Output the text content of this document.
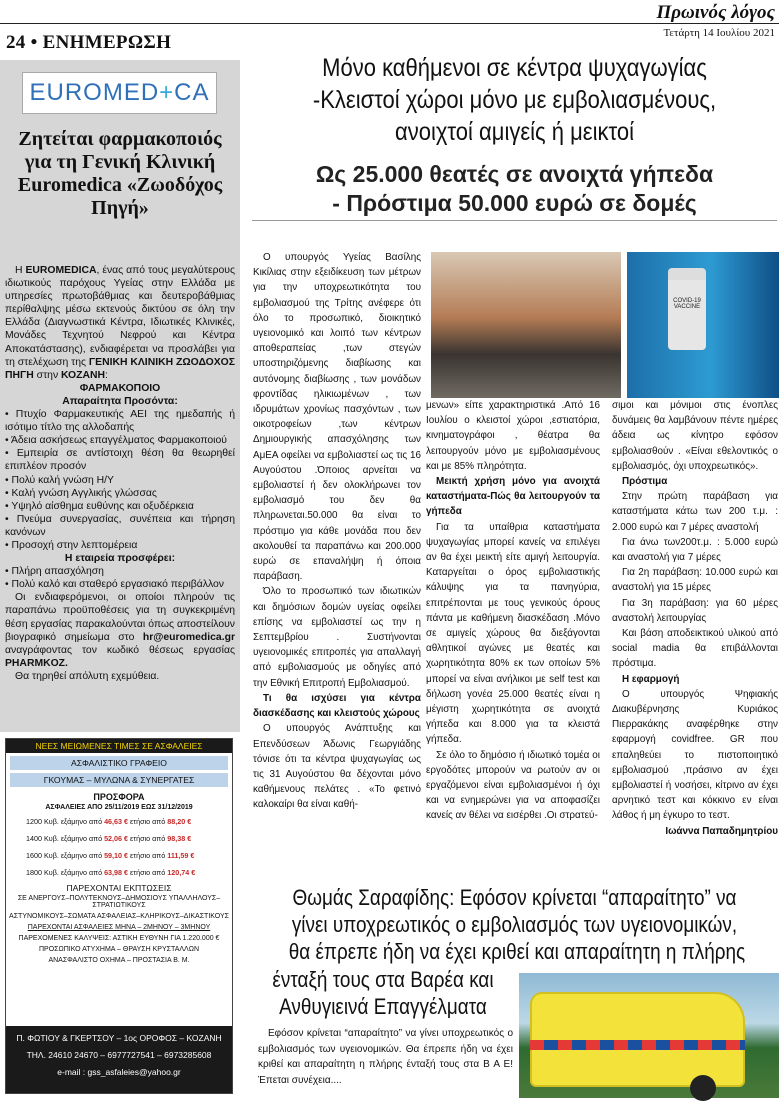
Πρωινός λόγος
Τετάρτη 14 Ιουλίου 2021
24 • ΕΝΗΜΕΡΩΣΗ
EUROMED+CA
Ζητείται φαρμακοποιός για τη Γενική Κλινική Euromedica «Ζωοδόχος Πηγή»

Η EUROMEDICA, ένας από τους μεγαλύτερους ιδιωτικούς παρόχους Υγείας στην Ελλάδα με υπηρεσίες πρωτοβάθμιας και δευτεροβάθμιας περίθαλψης μέσω εκτενούς δικτύου σε όλη την Ελλάδα (Διαγνωστικά Κέντρα, Ιδιωτικές Κλινικές, Μονάδες Τεχνητού Νεφρού και Κέντρα Αποκατάστασης), ενδιαφέρεται να προσλάβει για τη στελέχωση της ΓΕΝΙΚΗ ΚΛΙΝΙΚΗ ΖΩΟΔΟΧΟΣ ΠΗΓΗ στην ΚΟΖΑΝΗ:

ΦΑΡΜΑΚΟΠΟΙΟ

Απαραίτητα Προσόντα:

• Πτυχίο Φαρμακευτικής ΑΕΙ της ημεδαπής ή ισότιμο τίτλο της αλλοδαπής

• Άδεια ασκήσεως επαγγέλματος Φαρμακοποιού

• Εμπειρία σε αντίστοιχη θέση θα θεωρηθεί επιπλέον προσόν

• Πολύ καλή γνώση Η/Υ

• Καλή γνώση Αγγλικής γλώσσας

• Υψηλό αίσθημα ευθύνης και οξυδέρκεια

• Πνεύμα συνεργασίας, συνέπεια και τήρηση κανόνων

• Προσοχή στην λεπτομέρεια

Η εταιρεία προσφέρει:

• Πλήρη απασχόληση

• Πολύ καλό και σταθερό εργασιακό περιβάλλον

Οι ενδιαφερόμενοι, οι οποίοι πληρούν τις παραπάνω προϋποθέσεις για τη συγκεκριμένη θέση εργασίας παρακαλούνται όπως αποστείλουν βιογραφικό σημείωμα στο hr@euromedica.gr αναγράφοντας τον κωδικό θέσεως εργασίας PHARMKOZ.

Θα τηρηθεί απόλυτη εχεμύθεια.

ΝΕΕΣ ΜΕΙΩΜΕΝΕΣ ΤΙΜΕΣ ΣΕ ΑΣΦΑΛΕΙΕΣ
ΑΣΦΑΛΙΣΤΙΚΟ ΓΡΑΦΕΙΟ
ΓΚΟΥΜΑΣ – ΜΥΛΩΝΑ & ΣΥΝΕΡΓΑΤΕΣ
ΠΡΟΣΦΟΡΑ
ΑΣΦΑΛΕΙΕΣ ΑΠΟ 25/11/2019 ΕΩΣ 31/12/2019
1200 Κυβ. εξάμηνο από 46,63 € ετήσιο από 88,20 €
1400 Κυβ. εξάμηνο από 52,06 € ετήσιο από 98,38 €
1600 Κυβ. εξάμηνο από 59,10 € ετήσιο από 111,59 €
1800 Κυβ. εξάμηνο από 63,98 € ετήσιο από 120,74 €
ΠΑΡΕΧΟΝΤΑΙ ΕΚΠΤΩΣΕΙΣ
ΣΕ ΑΝΕΡΓΟΥΣ–ΠΟΛΥΤΕΚΝΟΥΣ–ΔΗΜΟΣΙΟΥΣ ΥΠΑΛΛΗΛΟΥΣ–ΣΤΡΑΤΙΩΤΙΚΟΥΣ
ΑΣΤΥΝΟΜΙΚΟΥΣ–ΣΩΜΑΤΑ ΑΣΦΑΛΕΙΑΣ–ΚΛΗΡΙΚΟΥΣ–ΔΙΚΑΣΤΙΚΟΥΣ
ΠΑΡΕΧΟΝΤΑΙ ΑΣΦΑΛΕΙΕΣ ΜΗΝΑ – 2ΜΗΝΟΥ – 3ΜΗΝΟΥ
ΠΑΡΕΧΟΜΕΝΕΣ ΚΑΛΥΨΕΙΣ: ΑΣΤΙΚΗ ΕΥΘΥΝΗ ΓΙΑ 1.220.000 €
ΠΡΟΣΩΠΙΚΟ ΑΤΥΧΗΜΑ – ΘΡΑΥΣΗ ΚΡΥΣΤΑΛΛΩΝ
ΑΝΑΣΦΑΛΙΣΤΟ ΟΧΗΜΑ – ΠΡΟΣΤΑΣΙΑ Β. Μ.
Π. ΦΩΤΙΟΥ & ΓΚΕΡΤΣΟΥ – 1ος ΟΡΟΦΟΣ – ΚΟΖΑΝΗ
ΤΗΛ. 24610 24670 – 6977727541 – 6973285608
e-mail : gss_asfaleies@yahoo.gr
Μόνο καθήμενοι σε κέντρα ψυχαγωγίας
-Κλειστοί χώροι μόνο με εμβολιασμένους,
ανοιχτοί αμιγείς ή μεικτοί
Ως 25.000 θεατές σε ανοιχτά γήπεδα
- Πρόστιμα 50.000 ευρώ σε δομές
COVID-19 VACCINE

Ο υπουργός Υγείας Βασίλης Κικίλιας στην εξειδίκευση των μέτρων για την υποχρεωτικότητα του εμβολιασμού της Τρίτης ανέφερε ότι όλο το προσωπικό, διοικητικό υγειονομικό και λοιπό των κέντρων αποθεραπείας ,των στεγών υποστηριζόμενης διαβίωσης και αυτόνομης διαβίωσης , των μονάδων φροντίδας ηλικιωμένων , των ιδρυμάτων χρονίως πασχόντων , των οικοτροφείων ,των κέντρων Δημιουργικής απασχόλησης των ΑμΕΑ οφείλει να εμβολιαστεί ως τις 16 Αυγούστου .Όποιος αρνείται να εμβολιαστεί ή δεν ολοκλήρωνει τον εμβολιασμό του δεν θα πληρωνεται.50.000 θα είναι το πρόστιμο για κάθε μονάδα που δεν ακολουθεί τα παραπάνω και 200.000 ευρώ σε επαναλήψη ή όποια παράβαση.

Όλο το προσωπικό των ιδιωτικών και δημόσιων δομών υγείας οφείλει επίσης να εμβολιαστεί ως την η Σεπτεμβρίου . Συστήνονται υγειονομικές επιτροπές για απαλλαγή από εμβολιασμούς με οδηγίες από την Εθνική Επιτροπή Εμβολιασμού.

Τι θα ισχύσει για κέντρα διασκέδασης και κλειστούς χώρους

Ο υπουργός Ανάπτυξης και Επενδύσεων Άδωνις Γεωργιάδης τόνισε ότι τα κέντρα ψυχαγωγίας ως τις 31 Αυγούστου θα δέχονται μόνο καθήμενους πελάτες . «Το φετινό καλοκαίρι θα είναι καθή-

μενων» είπε χαρακτηριστικά .Από 16 Ιουλίου ο κλειστοί χώροι ,εστιατόρια, κινηματογράφοι , θέατρα θα λειτουργούν μόνο με εμβολιασμένους και με 85% πληρότητα.

Μεικτή χρήση μόνο για ανοιχτά καταστήματα-Πώς θα λειτουργούν τα γήπεδα

Για τα υπαίθρια καταστήματα ψυχαγωγίας μπορεί κανείς να επιλέγει αν θα έχει μεικτή είτε αμιγή λειτουργία. Καταργείται ο όρος εμβολιαστικής κάλυψης για τα πανηγύρια, επιτρέπονται με τους γενικούς όρους πάντα με καθήμενη διασκέδαση .Μόνο σε αμιγείς χώρους θα διεξάγονται αθλητικοί αγώνες με θεατές και χωρητικότητα 80% εκ των οποίων 5% μπορεί να είναι ανήλικοι με self test και δήλωση γονέα 25.000 θεατές είναι η μέγιστη χωρητικότητα σε ανοιχτά γήπεδα και 8.000 για τα κλειστά γήπεδα.

Σε όλο το δημόσιο ή ιδιωτικό τομέα οι εργοδότες μπορούν να ρωτούν αν οι εργαζόμενοι είναι εμβολιασμένοι ή όχι και να ενημερώνει για να αποφασίζει κανείς αν θέλει να εισέρθει .Οι στρατεύ-

σιμοι και μόνιμοι στις ένοπλες δυνάμεις θα λαμβάνουν πέντε ημέρες άδεια ως κίνητρο εφόσον εμβολιασθούν . «Είναι εθελοντικός ο εμβολιασμός, όχι υποχρεωτικός».

Πρόστιμα

Στην πρώτη παράβαση για καταστήματα κάτω των 200 τ.μ. : 2.000 ευρώ και 7 μέρες αναστολή

Για άνω των200τ.μ. : 5.000 ευρώ και αναστολή για 7 μέρες

Για 2η παράβαση: 10.000 ευρώ και αναστολή για 15 μέρες

Για 3η παράβαση: για 60 μέρες αναστολή λειτουργίας

Και βάση αποδεικτικού υλικού από social madia θα επιβάλλονται πρόστιμα.

Η εφαρμογή

Ο υπουργός Ψηφιακής Διακυβέρνησης Κυριάκος Πιερρακάκης αναφέρθηκε στην εφαρμογή covidfree. GR που επαληθεύει το πιστοποιητικό εμβολιασμού ,πράσινο αν έχει εμβολιαστεί ή νοσήσει, κίτρινο αν έχει αρνητικό τεστ και κόκκινο εν είναι λάθος ή μη έγκυρο το τεστ.

Ιωάννα Παπαδημητρίου

Θωμάς Σαραφίδης: Εφόσον κρίνεται “απαραίτητο” να
γίνει υποχρεωτικός ο εμβολιασμός των υγειονομικών,
θα έπρεπε ήδη να έχει κριθεί και απαραίτητη η πλήρης
ένταξή τους στα Βαρέα και
Ανθυγιεινά Επαγγέλματα

Εφόσον κρίνεται “απαραίτητο” να γίνει υποχρεωτικός ο εμβολιασμός των υγειονομικών. Θα έπρεπε ήδη να έχει κριθεί και απαραίτητη η πλήρης ένταξή τους στα Β Α Ε! Έπεται συνέχεια....
